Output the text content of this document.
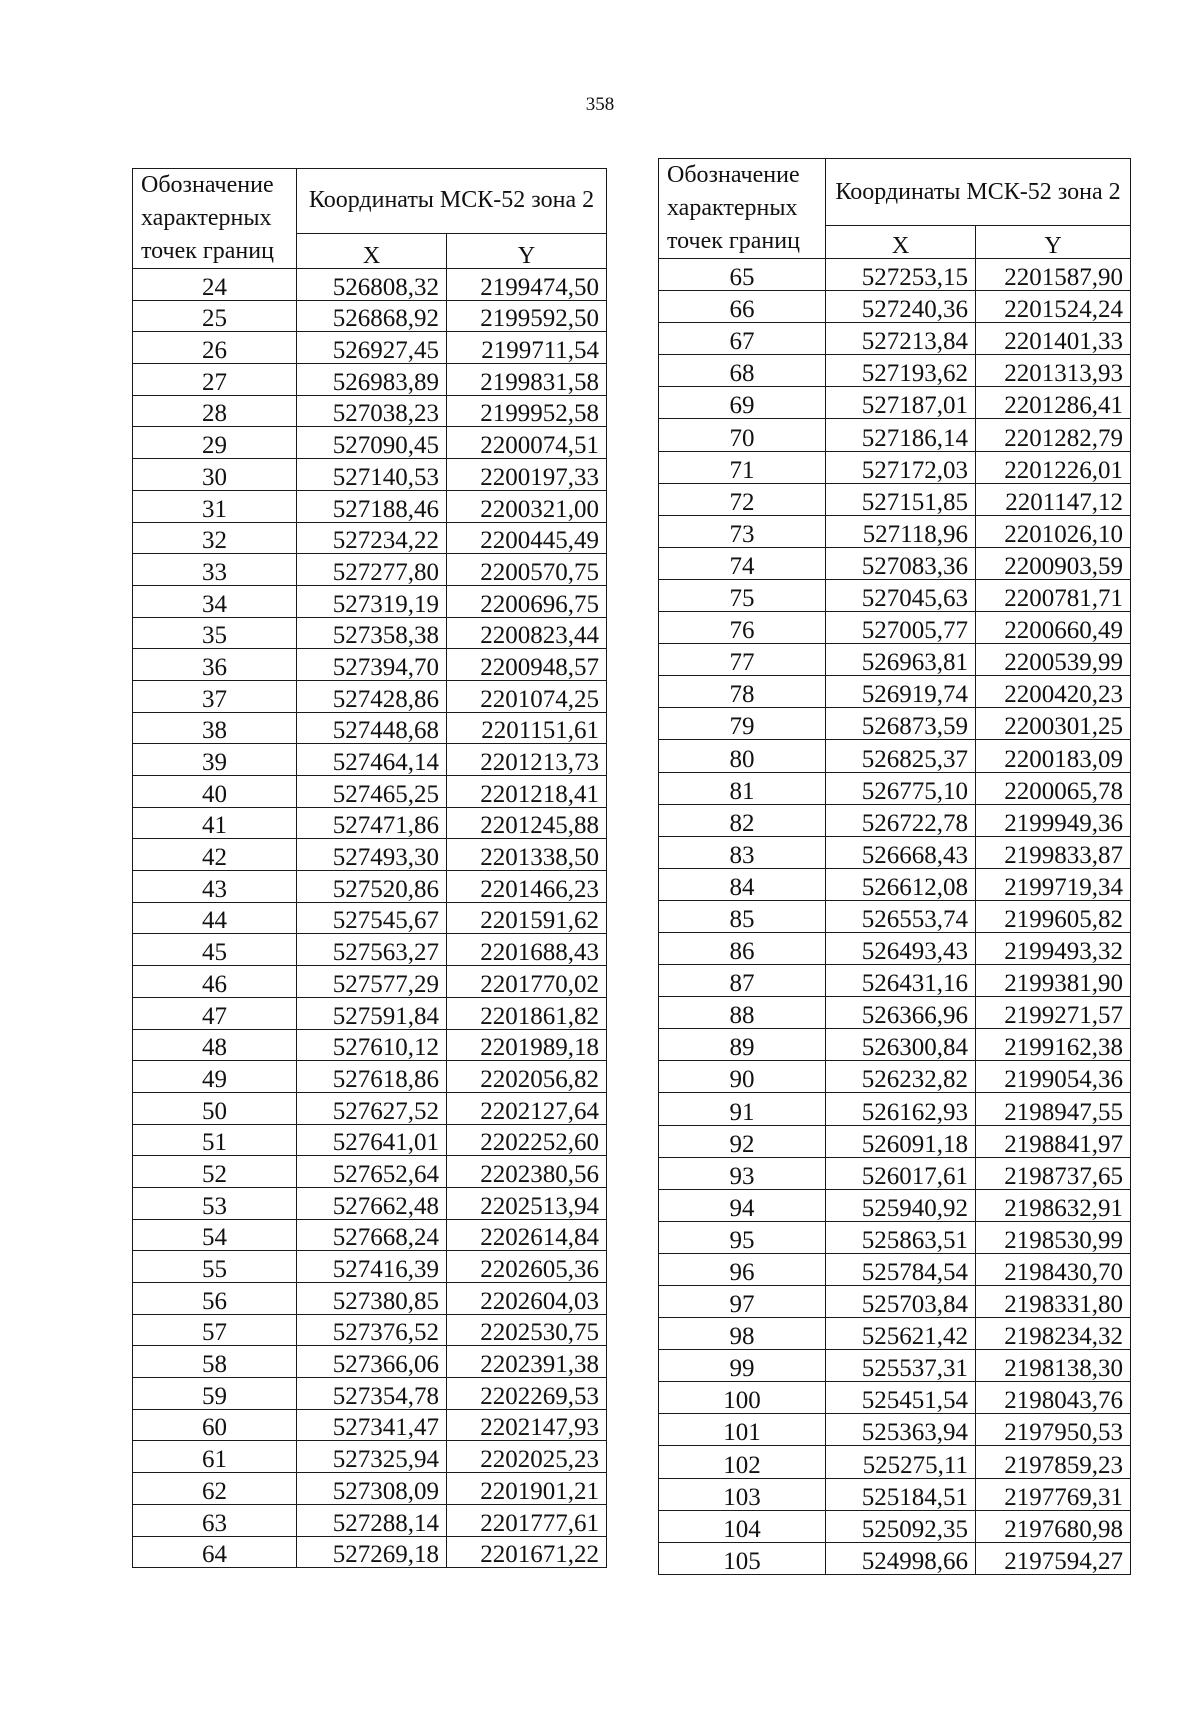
358
Обозначение характерных точек границ	Координаты МСК-52 зона 2	
	X	Y
24	526808,32	2199474,50
25	526868,92	2199592,50
26	526927,45	2199711,54
27	526983,89	2199831,58
28	527038,23	2199952,58
29	527090,45	2200074,51
30	527140,53	2200197,33
31	527188,46	2200321,00
32	527234,22	2200445,49
33	527277,80	2200570,75
34	527319,19	2200696,75
35	527358,38	2200823,44
36	527394,70	2200948,57
37	527428,86	2201074,25
38	527448,68	2201151,61
39	527464,14	2201213,73
40	527465,25	2201218,41
41	527471,86	2201245,88
42	527493,30	2201338,50
43	527520,86	2201466,23
44	527545,67	2201591,62
45	527563,27	2201688,43
46	527577,29	2201770,02
47	527591,84	2201861,82
48	527610,12	2201989,18
49	527618,86	2202056,82
50	527627,52	2202127,64
51	527641,01	2202252,60
52	527652,64	2202380,56
53	527662,48	2202513,94
54	527668,24	2202614,84
55	527416,39	2202605,36
56	527380,85	2202604,03
57	527376,52	2202530,75
58	527366,06	2202391,38
59	527354,78	2202269,53
60	527341,47	2202147,93
61	527325,94	2202025,23
62	527308,09	2201901,21
63	527288,14	2201777,61
64	527269,18	2201671,22
Обозначение характерных точек границ	Координаты МСК-52 зона 2	
	X	Y
65	527253,15	2201587,90
66	527240,36	2201524,24
67	527213,84	2201401,33
68	527193,62	2201313,93
69	527187,01	2201286,41
70	527186,14	2201282,79
71	527172,03	2201226,01
72	527151,85	2201147,12
73	527118,96	2201026,10
74	527083,36	2200903,59
75	527045,63	2200781,71
76	527005,77	2200660,49
77	526963,81	2200539,99
78	526919,74	2200420,23
79	526873,59	2200301,25
80	526825,37	2200183,09
81	526775,10	2200065,78
82	526722,78	2199949,36
83	526668,43	2199833,87
84	526612,08	2199719,34
85	526553,74	2199605,82
86	526493,43	2199493,32
87	526431,16	2199381,90
88	526366,96	2199271,57
89	526300,84	2199162,38
90	526232,82	2199054,36
91	526162,93	2198947,55
92	526091,18	2198841,97
93	526017,61	2198737,65
94	525940,92	2198632,91
95	525863,51	2198530,99
96	525784,54	2198430,70
97	525703,84	2198331,80
98	525621,42	2198234,32
99	525537,31	2198138,30
100	525451,54	2198043,76
101	525363,94	2197950,53
102	525275,11	2197859,23
103	525184,51	2197769,31
104	525092,35	2197680,98
105	524998,66	2197594,27
